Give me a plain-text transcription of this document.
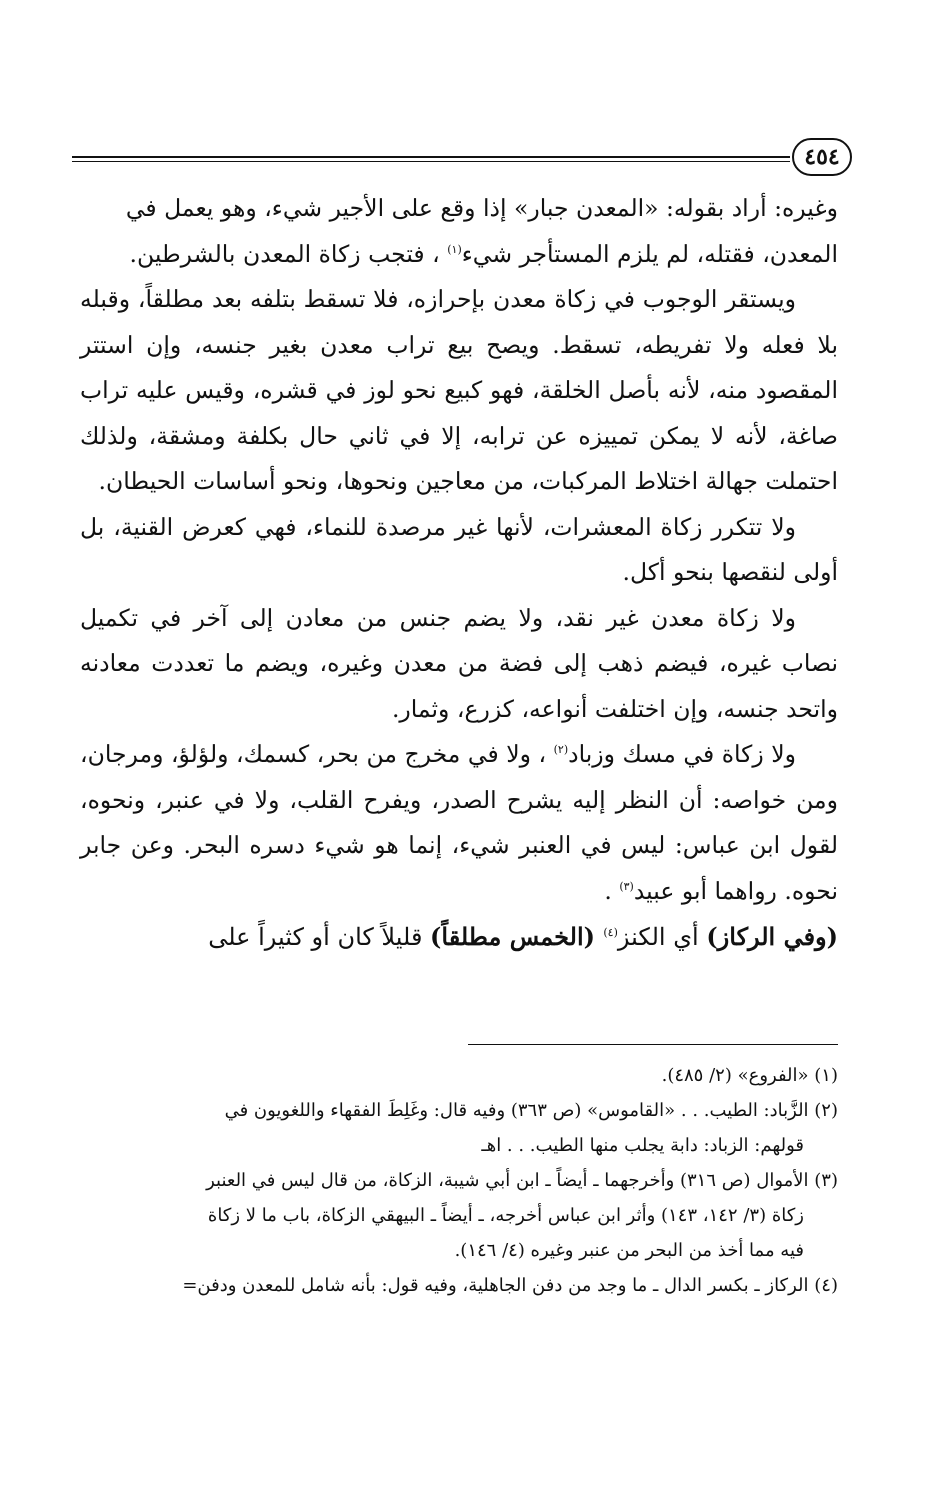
٤٥٤

وغيره: أراد بقوله: «المعدن جبار» إذا وقع على الأجير شيء، وهو يعمل في
المعدن، فقتله، لم يلزم المستأجر شيء$^{(١)}$ ، فتجب زكاة المعدن بالشرطين.

ويستقر الوجوب في زكاة معدن بإحرازه، فلا تسقط بتلفه بعد مطلقاً، وقبله بلا فعله ولا تفريطه، تسقط. ويصح بيع تراب معدن بغير جنسه، وإن استتر المقصود منه، لأنه بأصل الخلقة، فهو كبيع نحو لوز في قشره، وقيس عليه تراب صاغة، لأنه لا يمكن تمييزه عن ترابه، إلا في ثاني حال بكلفة ومشقة، ولذلك احتملت جهالة اختلاط المركبات، من معاجين ونحوها، ونحو أساسات الحيطان.

ولا تتكرر زكاة المعشرات، لأنها غير مرصدة للنماء، فهي كعرض القنية، بل أولى لنقصها بنحو أكل.

ولا زكاة معدن غير نقد، ولا يضم جنس من معادن إلى آخر في تكميل نصاب غيره، فيضم ذهب إلى فضة من معدن وغيره، ويضم ما تعددت معادنه واتحد جنسه، وإن اختلفت أنواعه، كزرع، وثمار.

ولا زكاة في مسك وزباد$^{(٢)}$ ، ولا في مخرج من بحر، كسمك، ولؤلؤ، ومرجان، ومن خواصه: أن النظر إليه يشرح الصدر، ويفرح القلب، ولا في عنبر، ونحوه، لقول ابن عباس: ليس في العنبر شيء، إنما هو شيء دسره البحر. وعن جابر نحوه. رواهما أبو عبيد$^{(٣)}$ .

(وفي الركاز) أي الكنز$^{(٤)}$ (الخمس مطلقاً) قليلاً كان أو كثيراً على

(١) «الفروع» (٢/ ٤٨٥).

(٢) الزَّباد: الطيب. . . «القاموس» (ص ٣٦٣) وفيه قال: وغَلِطَ الفقهاء واللغويون في

قولهم: الزباد: دابة يجلب منها الطيب. . . اهـ

(٣) الأموال (ص ٣١٦) وأخرجهما ـ أيضاً ـ ابن أبي شيبة، الزكاة، من قال ليس في العنبر

زكاة (٣/ ١٤٢، ١٤٣) وأثر ابن عباس أخرجه، ـ أيضاً ـ البيهقي الزكاة، باب ما لا زكاة

فيه مما أخذ من البحر من عنبر وغيره (٤/ ١٤٦).

(٤) الركاز ـ بكسر الدال ـ ما وجد من دفن الجاهلية، وفيه قول: بأنه شامل للمعدن ودفن=
